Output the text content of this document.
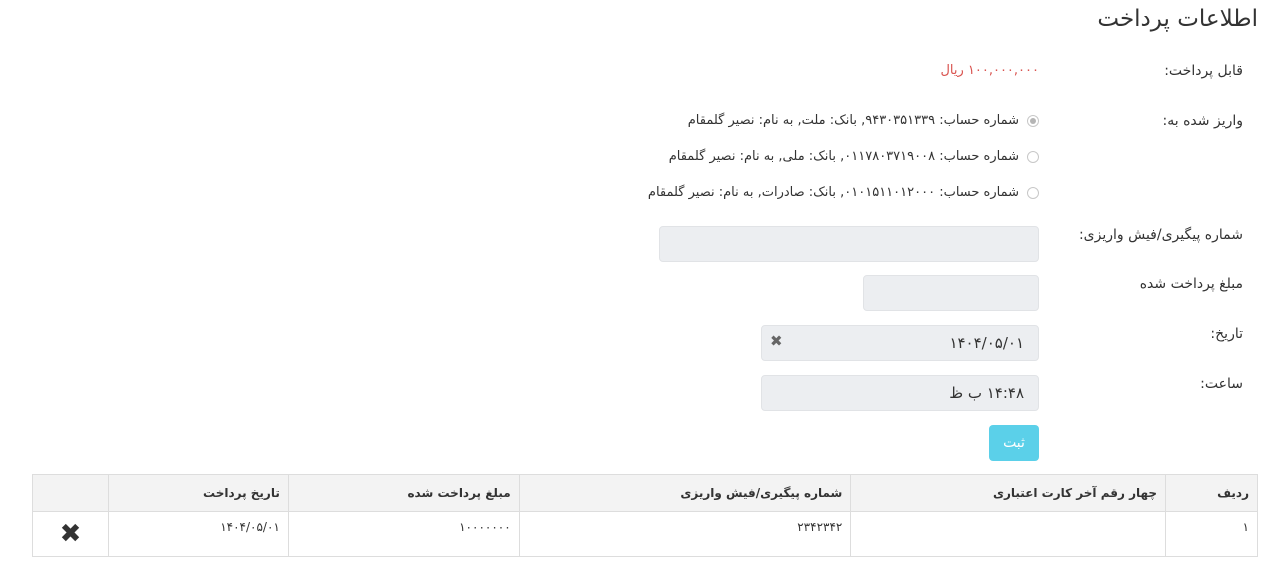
اطلاعات پرداخت
قابل پرداخت:
۱۰۰,۰۰۰,۰۰۰ ریال
واریز شده به:
شماره حساب: ۹۴۳۰۳۵۱۳۳۹, بانک: ملت, به نام: نصیر گلمقام
شماره حساب: ۰۱۱۷۸۰۳۷۱۹۰۰۸, بانک: ملی, به نام: نصیر گلمقام
شماره حساب: ۰۱۰۱۵۱۱۰۱۲۰۰۰, بانک: صادرات, به نام: نصیر گلمقام
شماره پیگیری/فیش واریزی:
مبلغ پرداخت شده
تاریخ:
۱۴۰۴/۰۵/۰۱
✖
ساعت:
۱۴:۴۸ ب ظ
ثبت
ردیف	چهار رقم آخر کارت اعتباری	شماره پیگیری/فیش واریزی	مبلغ پرداخت شده	تاریخ پرداخت	
۱		۲۳۴۲۳۴۲	۱۰۰۰۰۰۰۰	۱۴۰۴/۰۵/۰۱	✖
